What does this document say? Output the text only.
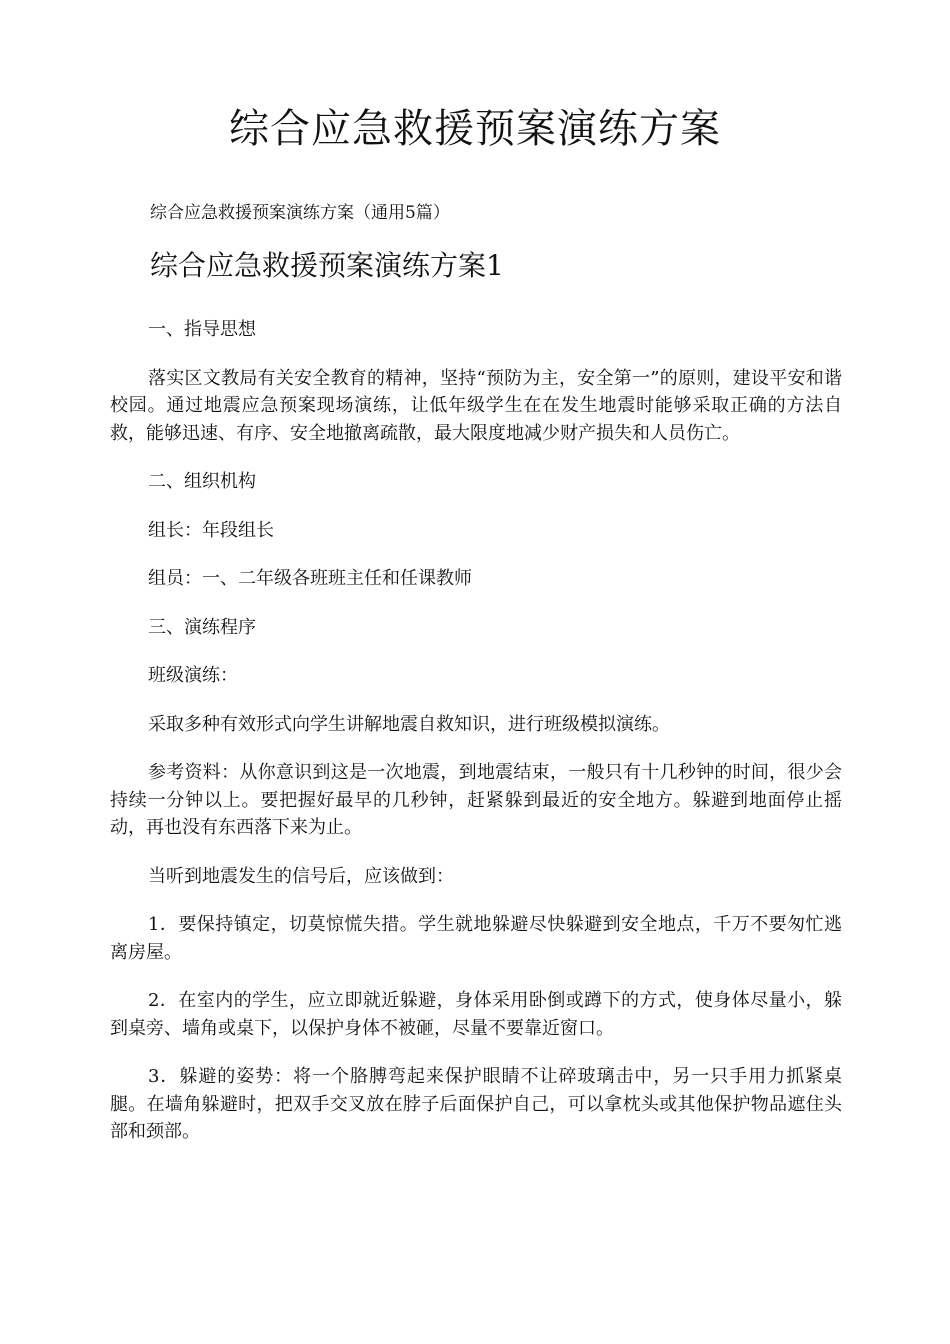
综合应急救援预案演练方案

综合应急救援预案演练方案（通用5篇）

综合应急救援预案演练方案1

一、指导思想

落实区文教局有关安全教育的精神，坚持“预防为主，安全第一”的原则，建设平安和谐校园。通过地震应急预案现场演练，让低年级学生在在发生地震时能够采取正确的方法自救，能够迅速、有序、安全地撤离疏散，最大限度地减少财产损失和人员伤亡。

二、组织机构

组长：年段组长

组员：一、二年级各班班主任和任课教师

三、演练程序

班级演练：

采取多种有效形式向学生讲解地震自救知识，进行班级模拟演练。

参考资料：从你意识到这是一次地震，到地震结束，一般只有十几秒钟的时间，很少会持续一分钟以上。要把握好最早的几秒钟，赶紧躲到最近的安全地方。躲避到地面停止摇动，再也没有东西落下来为止。

当听到地震发生的信号后，应该做到：

1．要保持镇定，切莫惊慌失措。学生就地躲避尽快躲避到安全地点，千万不要匆忙逃离房屋。

2．在室内的学生，应立即就近躲避，身体采用卧倒或蹲下的方式，使身体尽量小，躲到桌旁、墙角或桌下，以保护身体不被砸，尽量不要靠近窗口。

3．躲避的姿势：将一个胳膊弯起来保护眼睛不让碎玻璃击中，另一只手用力抓紧桌腿。在墙角躲避时，把双手交叉放在脖子后面保护自己，可以拿枕头或其他保护物品遮住头部和颈部。
